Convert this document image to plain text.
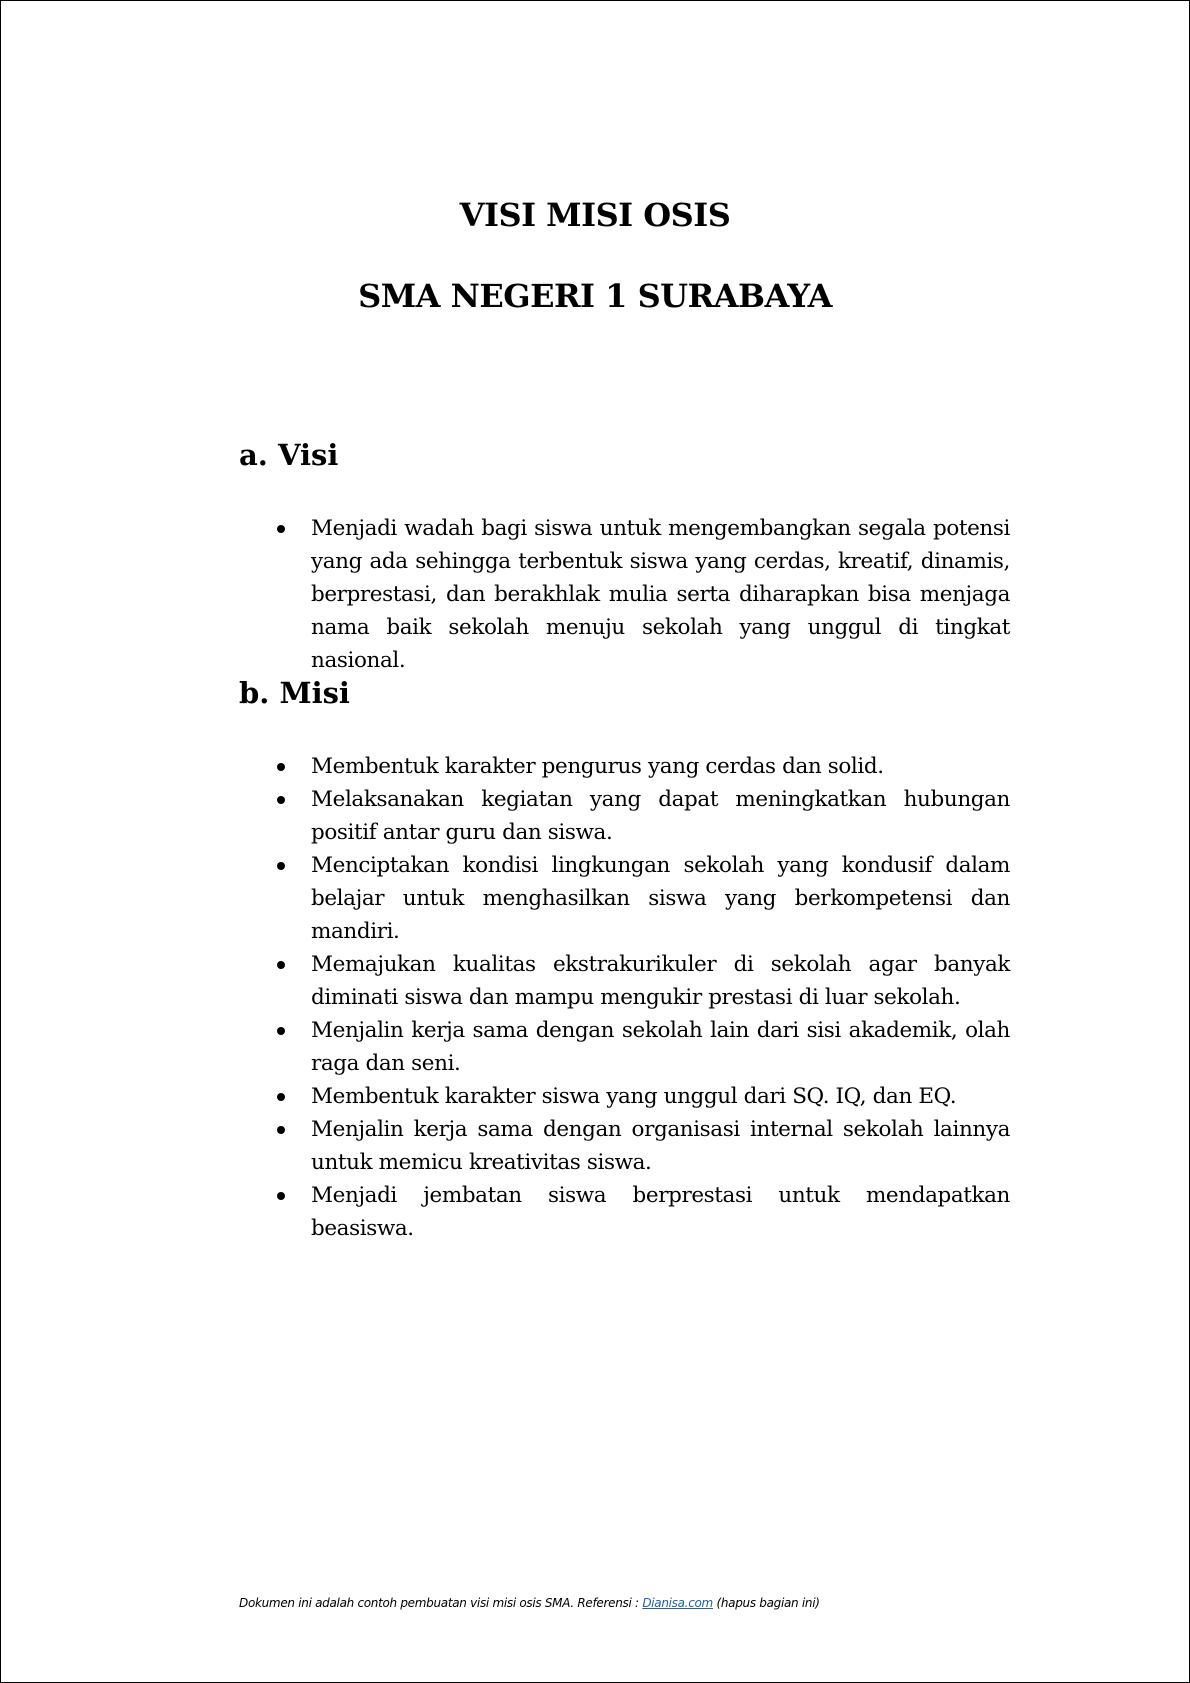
VISI MISI OSIS
SMA NEGERI 1 SURABAYA
a. Visi
Menjadi wadah bagi siswa untuk mengembangkan segala potensi yang ada sehingga terbentuk siswa yang cerdas, kreatif, dinamis, berprestasi, dan berakhlak mulia serta diharapkan bisa menjaga nama baik sekolah menuju sekolah yang unggul di tingkat nasional.
b. Misi
Membentuk karakter pengurus yang cerdas dan solid.
Melaksanakan kegiatan yang dapat meningkatkan hubungan positif antar guru dan siswa.
Menciptakan kondisi lingkungan sekolah yang kondusif dalam belajar untuk menghasilkan siswa yang berkompetensi dan mandiri.
Memajukan kualitas ekstrakurikuler di sekolah agar banyak diminati siswa dan mampu mengukir prestasi di luar sekolah.
Menjalin kerja sama dengan sekolah lain dari sisi akademik, olah raga dan seni.
Membentuk karakter siswa yang unggul dari SQ. IQ, dan EQ.
Menjalin kerja sama dengan organisasi internal sekolah lainnya untuk memicu kreativitas siswa.
Menjadi jembatan siswa berprestasi untuk mendapatkan beasiswa.
Dokumen ini adalah contoh pembuatan visi misi osis SMA. Referensi : Dianisa.com (hapus bagian ini)
